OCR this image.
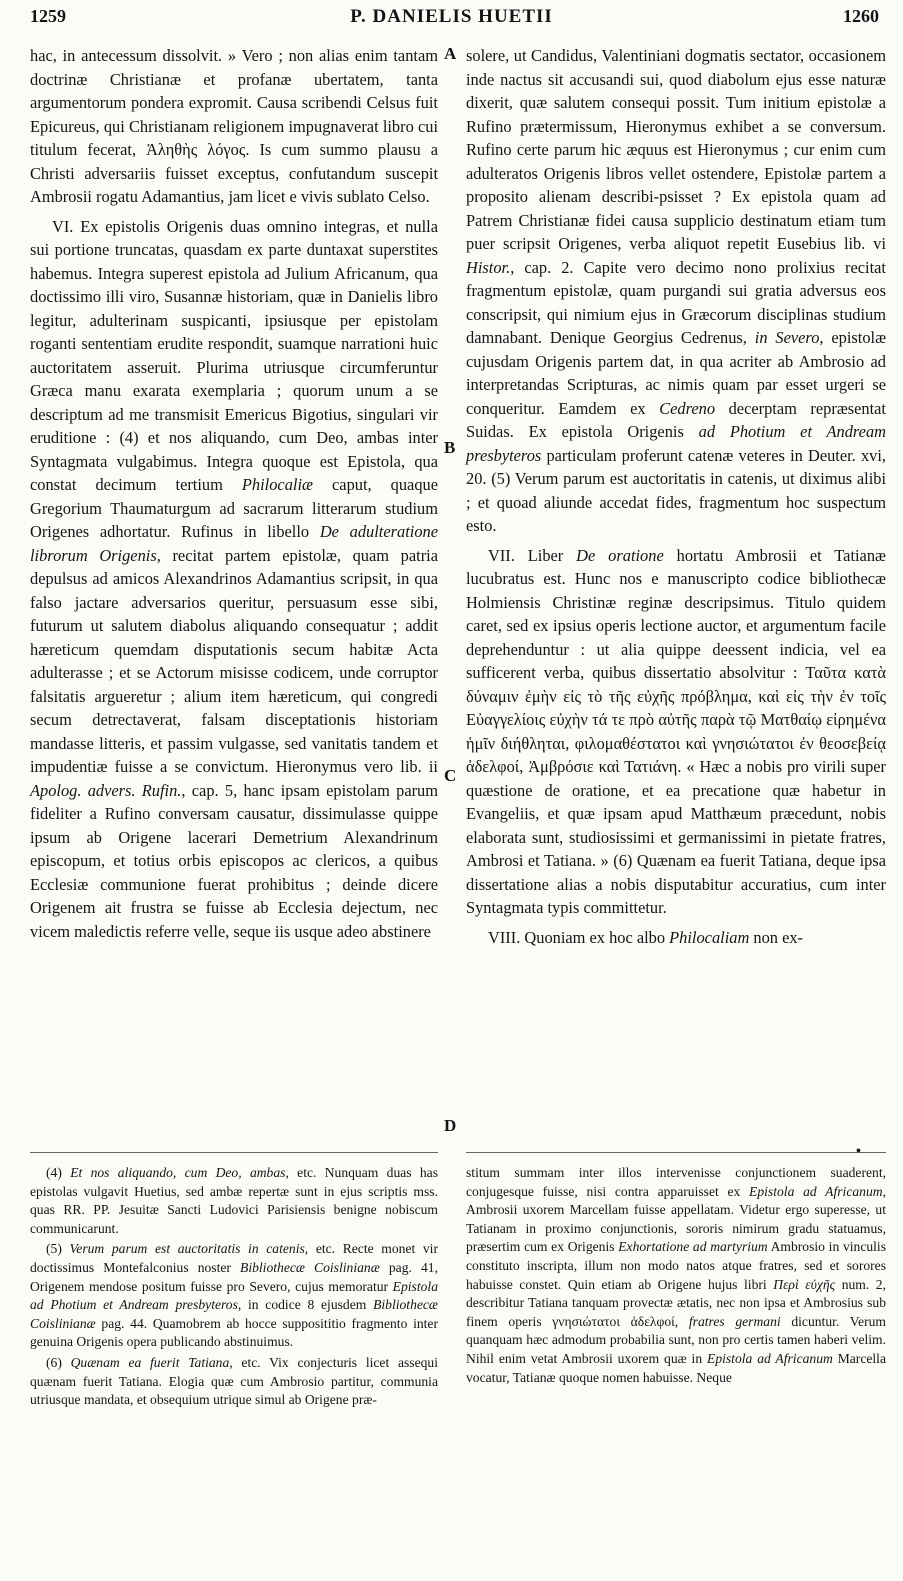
1259	P. DANIELIS HUETII	1260
A
B
C
D

hac, in antecessum dissolvit. » Vero ; non alias enim tantam doctrinæ Christianæ et profanæ ubertatem, tanta argumentorum pondera expromit. Causa scribendi Celsus fuit Epicureus, qui Christianam religionem impugnaverat libro cui titulum fecerat, Ἀληθὴς λόγος. Is cum summo plausu a Christi adversariis fuisset exceptus, confutandum suscepit Ambrosii rogatu Adamantius, jam licet e vivis sublato Celso.

VI. Ex epistolis Origenis duas omnino integras, et nulla sui portione truncatas, quasdam ex parte duntaxat superstites habemus. Integra superest epistola ad Julium Africanum, qua doctissimo illi viro, Susannæ historiam, quæ in Danielis libro legitur, adulterinam suspicanti, ipsiusque per epistolam roganti sententiam erudite respondit, suamque narrationi huic auctoritatem asseruit. Plurima utriusque circumferuntur Græca manu exarata exemplaria ; quorum unum a se descriptum ad me transmisit Emericus Bigotius, singulari vir eruditione : (4) et nos aliquando, cum Deo, ambas inter Syntagmata vulgabimus. Integra quoque est Epistola, qua constat decimum tertium Philocaliæ caput, quaque Gregorium Thaumaturgum ad sacrarum litterarum studium Origenes adhortatur. Rufinus in libello De adulteratione librorum Origenis, recitat partem epistolæ, quam patria depulsus ad amicos Alexandrinos Adamantius scripsit, in qua falso jactare adversarios queritur, persuasum esse sibi, futurum ut salutem diabolus aliquando consequatur ; addit hæreticum quemdam disputationis secum habitæ Acta adulterasse ; et se Actorum misisse codicem, unde corruptor falsitatis argueretur ; alium item hæreticum, qui congredi secum detrectaverat, falsam disceptationis historiam mandasse litteris, et passim vulgasse, sed vanitatis tandem et impudentiæ fuisse a se convictum. Hieronymus vero lib. ii Apolog. advers. Rufin., cap. 5, hanc ipsam epistolam parum fideliter a Rufino conversam causatur, dissimulasse quippe ipsum ab Origene lacerari Demetrium Alexandrinum episcopum, et totius orbis episcopos ac clericos, a quibus Ecclesiæ communione fuerat prohibitus ; deinde dicere Origenem ait frustra se fuisse ab Ecclesia dejectum, nec vicem maledictis referre velle, seque iis usque adeo abstinere

solere, ut Candidus, Valentiniani dogmatis sectator, occasionem inde nactus sit accusandi sui, quod diabolum ejus esse naturæ dixerit, quæ salutem consequi possit. Tum initium epistolæ a Rufino prætermissum, Hieronymus exhibet a se conversum. Rufino certe parum hic æquus est Hieronymus ; cur enim cum adulteratos Origenis libros vellet ostendere, Epistolæ partem a proposito alienam describi-psisset ? Ex epistola quam ad Patrem Christianæ fidei causa supplicio destinatum etiam tum puer scripsit Origenes, verba aliquot repetit Eusebius lib. vi Histor., cap. 2. Capite vero decimo nono prolixius recitat fragmentum epistolæ, quam purgandi sui gratia adversus eos conscripsit, qui nimium ejus in Græcorum disciplinas studium damnabant. Denique Georgius Cedrenus, in Severo, epistolæ cujusdam Origenis partem dat, in qua acriter ab Ambrosio ad interpretandas Scripturas, ac nimis quam par esset urgeri se conqueritur. Eamdem ex Cedreno decerptam repræsentat Suidas. Ex epistola Origenis ad Photium et Andream presbyteros particulam proferunt catenæ veteres in Deuter. xvi, 20. (5) Verum parum est auctoritatis in catenis, ut diximus alibi ; et quoad aliunde accedat fides, fragmentum hoc suspectum esto.

VII. Liber De oratione hortatu Ambrosii et Tatianæ lucubratus est. Hunc nos e manuscripto codice bibliothecæ Holmiensis Christinæ reginæ descripsimus. Titulo quidem caret, sed ex ipsius operis lectione auctor, et argumentum facile deprehenduntur : ut alia quippe deessent indicia, vel ea sufficerent verba, quibus dissertatio absolvitur : Ταῦτα κατὰ δύναμιν ἐμὴν εἰς τὸ τῆς εὐχῆς πρόβλημα, καὶ εἰς τὴν ἐν τοῖς Εὐαγγελίοις εὐχὴν τά τε πρὸ αὐτῆς παρὰ τῷ Ματθαίῳ εἰρημένα ἡμῖν διήθληται, φιλομαθέστατοι καὶ γνησιώτατοι ἐν θεοσεβείᾳ ἀδελφοί, Ἀμβρόσιε καὶ Τατιάνη. « Hæc a nobis pro virili super quæstione de oratione, et ea precatione quæ habetur in Evangeliis, et quæ ipsam apud Matthæum præcedunt, nobis elaborata sunt, studiosissimi et germanissimi in pietate fratres, Ambrosi et Tatiana. » (6) Quænam ea fuerit Tatiana, deque ipsa dissertatione alias a nobis disputabitur accuratius, cum inter Syntagmata typis committetur.

VIII. Quoniam ex hoc albo Philocaliam non ex-

•

(4) Et nos aliquando, cum Deo, ambas, etc. Nunquam duas has epistolas vulgavit Huetius, sed ambæ repertæ sunt in ejus scriptis mss. quas RR. PP. Jesuitæ Sancti Ludovici Parisiensis benigne nobiscum communicarunt.

(5) Verum parum est auctoritatis in catenis, etc. Recte monet vir doctissimus Montefalconius noster Bibliothecæ Coislinianæ pag. 41, Origenem mendose positum fuisse pro Severo, cujus memoratur Epistola ad Photium et Andream presbyteros, in codice 8 ejusdem Bibliothecæ Coislinianæ pag. 44. Quamobrem ab hocce supposititio fragmento inter genuina Origenis opera publicando abstinuimus.

(6) Quænam ea fuerit Tatiana, etc. Vix conjecturis licet assequi quænam fuerit Tatiana. Elogia quæ cum Ambrosio partitur, communia utriusque mandata, et obsequium utrique simul ab Origene præ-

stitum summam inter illos intervenisse conjunctionem suaderent, conjugesque fuisse, nisi contra apparuisset ex Epistola ad Africanum, Ambrosii uxorem Marcellam fuisse appellatam. Videtur ergo superesse, ut Tatianam in proximo conjunctionis, sororis nimirum gradu statuamus, præsertim cum ex Origenis Exhortatione ad martyrium Ambrosio in vinculis constituto inscripta, illum non modo natos atque fratres, sed et sorores habuisse constet. Quin etiam ab Origene hujus libri Περὶ εὐχῆς num. 2, describitur Tatiana tanquam provectæ ætatis, nec non ipsa et Ambrosius sub finem operis γνησιώτατοι ἀδελφοί, fratres germani dicuntur. Verum quanquam hæc admodum probabilia sunt, non pro certis tamen haberi velim. Nihil enim vetat Ambrosii uxorem quæ in Epistola ad Africanum Marcella vocatur, Tatianæ quoque nomen habuisse. Neque
